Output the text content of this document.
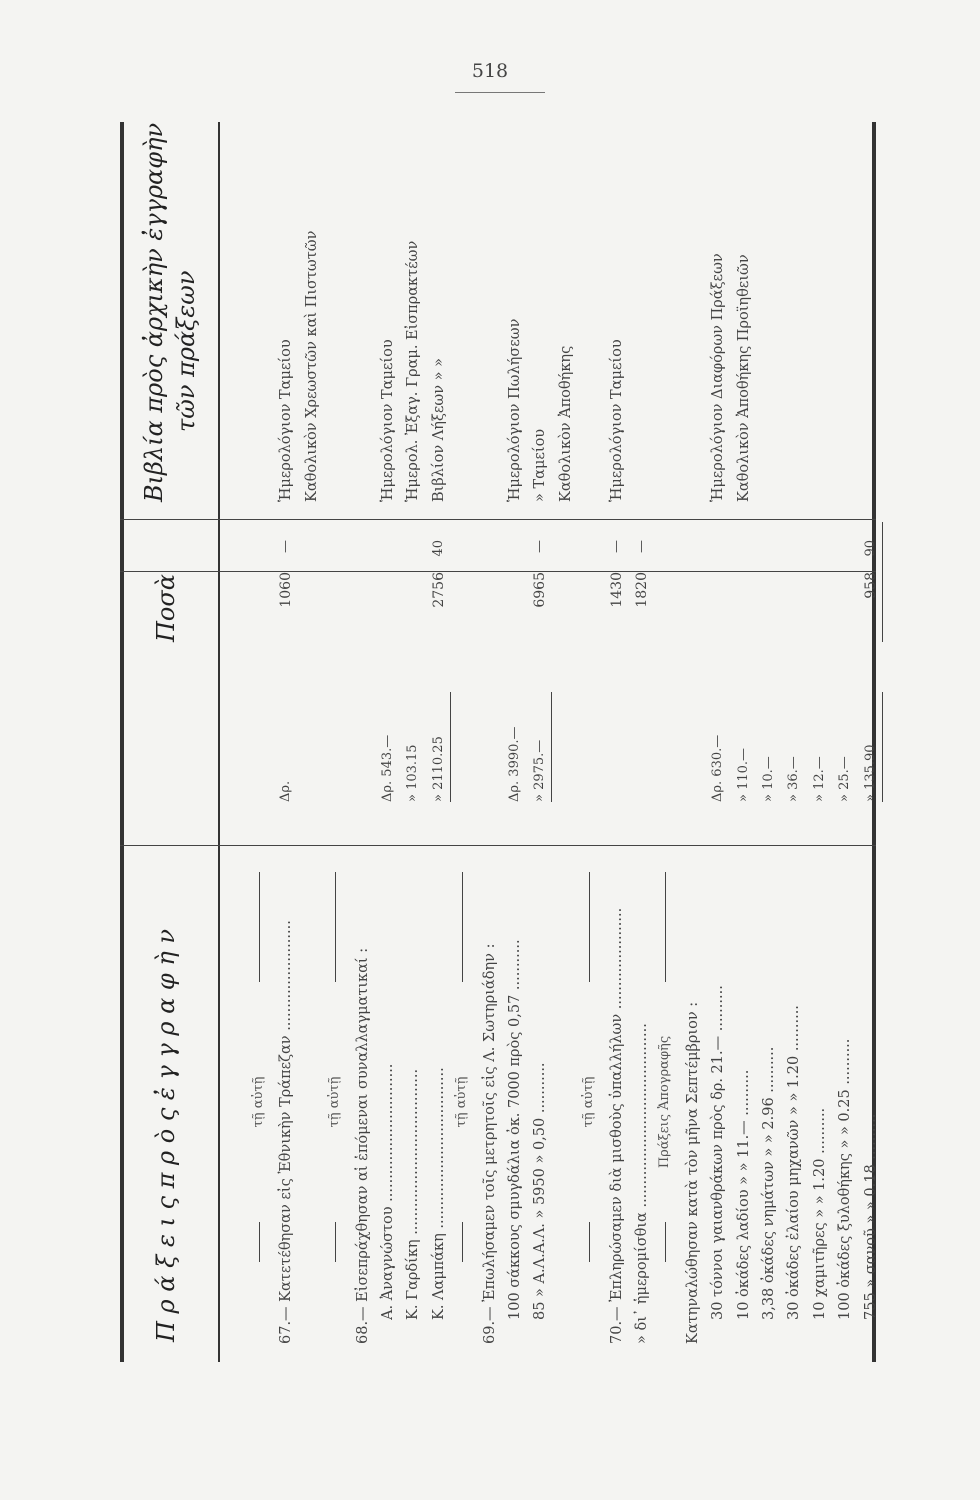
518
Π ρ ά ξ ε ι ς π ρ ὸ ς ἐ γ γ ρ α φ ὴ ν
Ποσὰ
Βιβλία πρὸς ἀρχικὴν ἐγγραφὴν τῶν πράξεων
τῇ αὐτῇ 67.— Κατετέθησαν εἰς Ἐθνικὴν Τράπεζαν ........................
Δρ.
1060
—
Ἡμερολόγιον Ταμείου Καθολικὸν Χρεωστῶν καὶ Πιστωτῶν
τῇ αὐτῇ 68.— Εἰσεπράχθησαν αἱ ἑπόμεναι συναλλαγματικαί : Α. Ἀναγνώστου ..............................
Δρ. 543.—
Ἡμερολόγιον Ταμείου
Κ. Γαρδίκη ....................................
» 103.15
Ἡμερολ. Ἐξαγ. Γραμ. Εἰσπρακτέων
Κ. Λαμπάκη ...................................
» 2110.25
2756
40
Βιβλίον Λήξεων » »
τῇ αὐτῇ 69.— Ἐπωλήσαμεν τοῖς μετρητοῖς εἰς Λ. Σωτηριάδην : 100 σάκκους σμυγδάλια ὀκ. 7000 πρὸς 0,57 ...........
Δρ. 3990.—
Ἡμερολόγιον Πωλήσεων
85 » Α.Λ.Α.Λ. » 5950 » 0,50 ...........
» 2975.—
6965
—
» Ταμείου Καθολικὸν Ἀποθήκης
τῇ αὐτῇ 70.— Ἐπληρώσαμεν διὰ μισθοὺς ὑπαλλήλων ......................
1430
—
Ἡμερολόγιον Ταμείου
» δι᾽ ἡμερομίσθια ........................................
1820
—
Πράξεις Ἀπογραφῆς Κατηναλώθησαν κατὰ τὸν μῆνα Σεπτέμβριον : 30 τόννοι γαιανθράκων πρὸς δρ. 21.— ..........
Δρ. 630.—
Ἡμερολόγιον Διαφόρων Πράξεων
10 ὀκάδες λαδίου » » 11.— ..........
» 110.—
Καθολικὸν Ἀποθήκης Προϊηθειῶν
3,38 ὀκάδες νημάτων » » 2.96 ..........
» 10.—
30 ὀκάδες ἐλαίου μηχανῶν » » 1.20 ..........
» 36.—
10 χαμιτῆρες » » 1.20 ..........
» 12.—
100 ὀκάδες ξυλοθήκης » » 0.25 ..........
» 25.—
755 » σανοῦ » » 0.18 ..........
» 135.90
958
90
